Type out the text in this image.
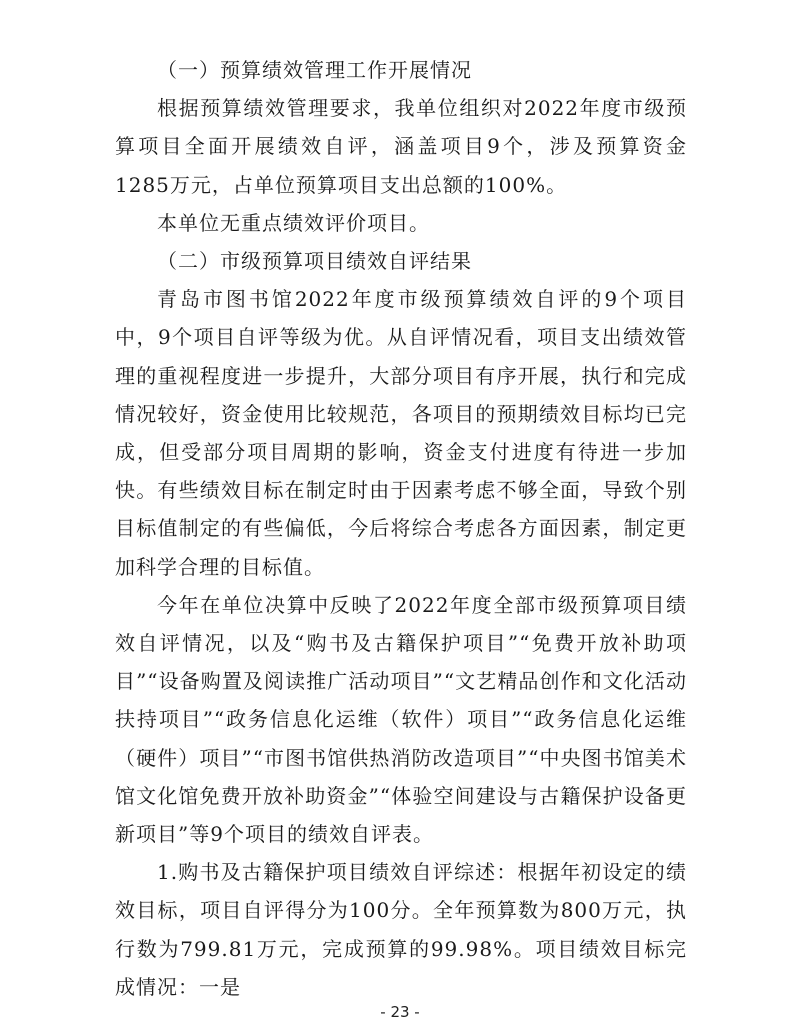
（一）预算绩效管理工作开展情况

根据预算绩效管理要求，我单位组织对2022年度市级预算项目全面开展绩效自评，涵盖项目9个，涉及预算资金1285万元，占单位预算项目支出总额的100%。

本单位无重点绩效评价项目。

（二）市级预算项目绩效自评结果

青岛市图书馆2022年度市级预算绩效自评的9个项目中，9个项目自评等级为优。从自评情况看，项目支出绩效管理的重视程度进一步提升，大部分项目有序开展，执行和完成情况较好，资金使用比较规范，各项目的预期绩效目标均已完成，但受部分项目周期的影响，资金支付进度有待进一步加快。有些绩效目标在制定时由于因素考虑不够全面，导致个别目标值制定的有些偏低，今后将综合考虑各方面因素，制定更加科学合理的目标值。

今年在单位决算中反映了2022年度全部市级预算项目绩效自评情况，以及“购书及古籍保护项目”“免费开放补助项目”“设备购置及阅读推广活动项目”“文艺精品创作和文化活动扶持项目”“政务信息化运维（软件）项目”“政务信息化运维（硬件）项目”“市图书馆供热消防改造项目”“中央图书馆美术馆文化馆免费开放补助资金”“体验空间建设与古籍保护设备更新项目”等9个项目的绩效自评表。

1.购书及古籍保护项目绩效自评综述：根据年初设定的绩效目标，项目自评得分为100分。全年预算数为800万元，执行数为799.81万元，完成预算的99.98%。项目绩效目标完成情况：一是

- 23 -
